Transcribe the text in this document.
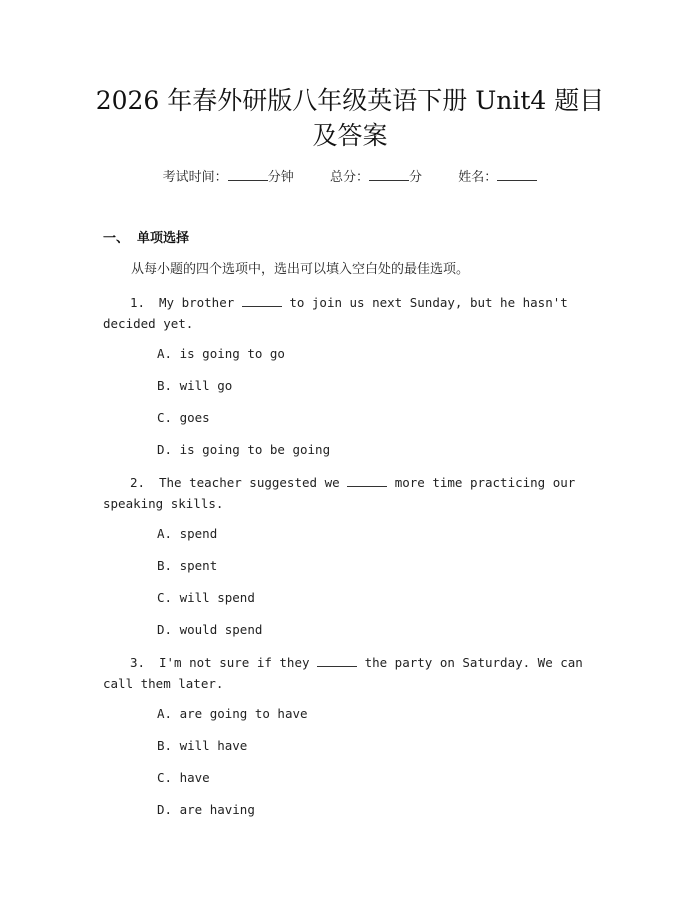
2026 年春外研版八年级英语下册 Unit4 题目
及答案
考试时间：	分钟	总分：	分	姓名：
一、 单项选择
从每小题的四个选项中，选出可以填入空白处的最佳选项。
1. My brother	to join us next Sunday, but he hasn't decided yet.
A. is going to go
B. will go
C. goes
D. is going to be going
2. The teacher suggested we	more time practicing our speaking skills.
A. spend
B. spent
C. will spend
D. would spend
3. I'm not sure if they	the party on Saturday. We can call them later.
A. are going to have
B. will have
C. have
D. are having
